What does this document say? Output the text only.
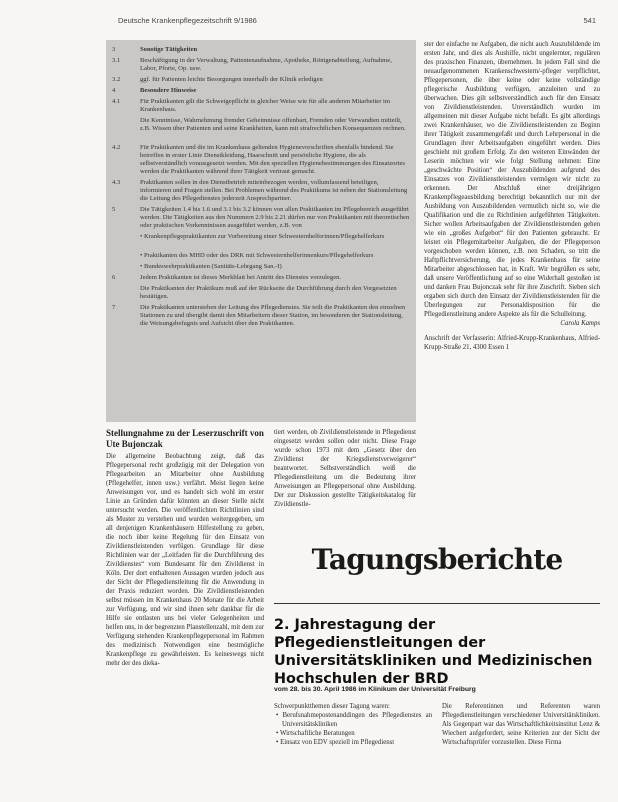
Deutsche Krankenpflegezeitschrift 9/1986	541
3	Sonstige Tätigkeiten
3.1	Beschäftigung in der Verwaltung, Patientenaufnahme, Apotheke, Röntgenabteilung, Aufnahme, Labor, Pforte, Op. usw.
3.2	ggf. für Patienten leichte Besorgungen innerhalb der Klinik erledigen
4	Besondere Hinweise
4.1	Für Praktikanten gilt die Schweigepflicht in gleicher Weise wie für alle anderen Mitarbeiter im Krankenhaus.
Die Kenntnisse, Wahrnehmung fremder Geheimnisse offenbart, Fremden oder Verwandten mitteilt, z.B. Wissen über Patienten und seine Krankheiten, kann mit strafrechtlichen Konsequenzen rechnen.
4.2	Für Praktikanten und die im Krankenhaus geltenden Hygienevorschriften ebenfalls bindend. Sie betreffen in erster Linie Dienstkleidung, Haarschnitt und persönliche Hygiene, die als selbstverständlich vorausgesetzt werden. Mit den speziellen Hygienebestimmungen des Einsatzortes werden die Praktikanten während ihrer Tätigkeit vertraut gemacht.
4.3	Praktikanten sollen in den Dienstbetrieb miteinbezogen werden, vollumfassend beteiligen, informieren und Fragen stellen. Bei Problemen während des Praktikums ist neben der Stationsleitung die Leitung des Pflegedienstes jederzeit Ansprechpartner.
5	Die Tätigkeiten 1.4 bis 1.6 und 3.1 bis 3.2 können von allen Praktikanten im Pflegebereich ausgeführt werden. Die Tätigkeiten aus den Nummern 2.9 bis 2.21 dürfen nur von Praktikanten mit theoretischen oder praktischen Vorkenntnissen ausgeführt werden, z.B. von
• Krankenpflegepraktikanten zur Vorbereitung einer Schwesternhelferinnen/Pflegehelferkurs
• Praktikanten des MHD oder des DRK mit Schwesternhelferinnenkurs/Pflegehelferkurs
• Bundeswehrpraktikanten (Sanitäts-Lehrgang San.-I)
6	Jedem Praktikanten ist dieses Merkblatt bei Antritt des Dienstes vorzulegen.
Die Praktikanten der Praktikum muß auf der Rückseite die Durchführung durch den Vorgesetzten bestätigen.
7	Die Praktikanten unterstehen der Leitung des Pflegedienstes. Sie teilt die Praktikanten den einzelnen Stationen zu und übergibt damit den Mitarbeitern dieser Station, im besonderen der Stationsleitung, die Weisungsbefugnis und Aufsicht über den Praktikanten.

ster der einfache ne Aufgaben, die nicht auch Auszubildende im ersten Jahr, und dies als Aushilfe, nicht ungelernter, regulären des praxischen Finanzen, übernehmen. In jedem Fall sind die neuaufgenommenen Krankenschwestern/-pfleger verpflichtet, Pflegepersonen, die über keine oder keine vollständige pflegerische Ausbildung verfügen, anzuleiten und zu überwachen. Dies gilt selbstverständlich auch für den Einsatz von Zivildienstleistenden. Unverständlich wurden im allgemeinen mit dieser Aufgabe nicht befaßt. Es gibt allerdings zwei Krankenhäuser, wo die Zivildienstleistenden zu Beginn ihrer Tätigkeit zusammengefaßt und durch Lehrpersonal in die Grundlagen ihrer Arbeitsaufgaben eingeführt werden. Dies geschieht mit großem Erfolg. Zu den weiteren Einwänden der Leserin möchten wir wie folgt Stellung nehmen: Eine „geschwächte Position“ der Auszubildenden aufgrund des Einsatzes von Zivildienstleistenden vermögen wir nicht zu erkennen. Der Abschluß einer dreijährigen Krankenpflegeausbildung berechtigt bekanntlich nur mit der Ausbildung von Auszubildenden vermutlich nicht so, wie die Qualifikation und die zu Richtlinien aufgeführten Tätigkeiten. Sicher wollen Arbeitsaufgaben der Zivildienstleistenden gehen wie ein „großes Aufgebot“ für den Patienten gebraucht. Er leistet ein Pflegemitarbeiter Aufgaben, die der Pflegeperson vorgeschoben werden können, z.B. nen Schaden, so tritt die Haftpflichtversicherung, die jedes Krankenhaus für seine Mitarbeiter abgeschlossen hat, in Kraft. Wir begrüßen es sehr, daß unsere Veröffentlichung auf so eine Widerhall gestoßen ist und danken Frau Bujonczak sehr für ihre Zuschrift. Sieben sich ergaben sich durch den Einsatz der Zivildienstleistenden für die Überlegungen zur Personaldisposition für die Pflegedienstleitung andere Aspekte als für die Schulleitung.

Carola Kamps

Anschrift der Verfasserin: Alfried-Krupp-Krankenhaus, Alfried-Krupp-Straße 21, 4300 Essen 1

Stellungnahme zu der Leserzuschrift von Ute Bujonczak

Die allgemeine Beobachtung zeigt, daß das Pflegepersonal recht großzügig mit der Delegation von Pflegearbeiten an Mitarbeiter ohne Ausbildung (Pflegehelfer, innen usw.) verfährt. Meist liegen keine Anweisungen vor, und es handelt sich wohl im erster Linie an Gründen dafür könnten an dieser Stelle nicht untersucht werden. Die veröffentlichten Richtlinien sind als Muster zu verstehen und wurden weitergegeben, um all denjenigen Krankenhäusern Hilfestellung zu geben, die noch über keine Regelung für den Einsatz von Zivildienstleistenden verfügen. Grundlage für diese Richtlinien war der „Leitfaden für die Durchführung des Zivildienstes“ vom Bundesamt für den Zivildienst in Köln. Der dort enthaltenen Aussagen wurden jedoch aus der Sicht der Pflegedienstleitung für die Anwendung in der Praxis reduziert worden. Die Zivildienstleistenden selbst müssen im Krankenhaus 20 Monate für die Arbeit zur Verfügung, und wir sind ihnen sehr dankbar für die Hilfe sie entlasten uns bei vieler Gelegenheiten und helfen uns, in der begrenzten Planstellenzahl, mit dem zur Verfügung stehenden Krankenpflegepersonal im Rahmen des medizinisch Notwendigen eine bestmögliche Krankenpflege zu gewährleisten. Es keineswegs nicht mehr der des dieka-

tiert werden, ob Zivildienstleistende in Pflegedienst eingesetzt werden sollen oder nicht. Diese Frage wurde schon 1973 mit dem „Gesetz über den Zivildienst der Kriegsdienstverweigerer“ beantwortet. Selbstverständlich weiß die Pflegedienstleitung um die Bedeutung ihrer Anweisungen an Pflegepersonal ohne Ausbildung. Der zur Diskussion gestellte Tätigkeitskatalog für Zivildienstle-

Tagungsberichte
2. Jahrestagung der Pflegedienstleitungen der Universitätskliniken und Medizinischen Hochschulen der BRD
vom 28. bis 30. April 1986 im Klinikum der Universität Freiburg

Schwerpunktthemen dieser Tagung waren:

• Berufsnahmepostenanddingen des Pflegedienstes an Universitätskliniken

• Wirtschaftliche Beratungen

• Einsatz von EDV speziell im Pflegedienst

Die Referentinnen und Referenten waren Pflegedienstleitungen verschiedener Universitätskliniken. Als Gegenpart war das Wirtschaftlichkeitsinstitut Lenz & Wiechert aufgefordert, seine Kriterien zur der Sicht der Wirtschaftsprüfer vorzustellen. Diese Firma
